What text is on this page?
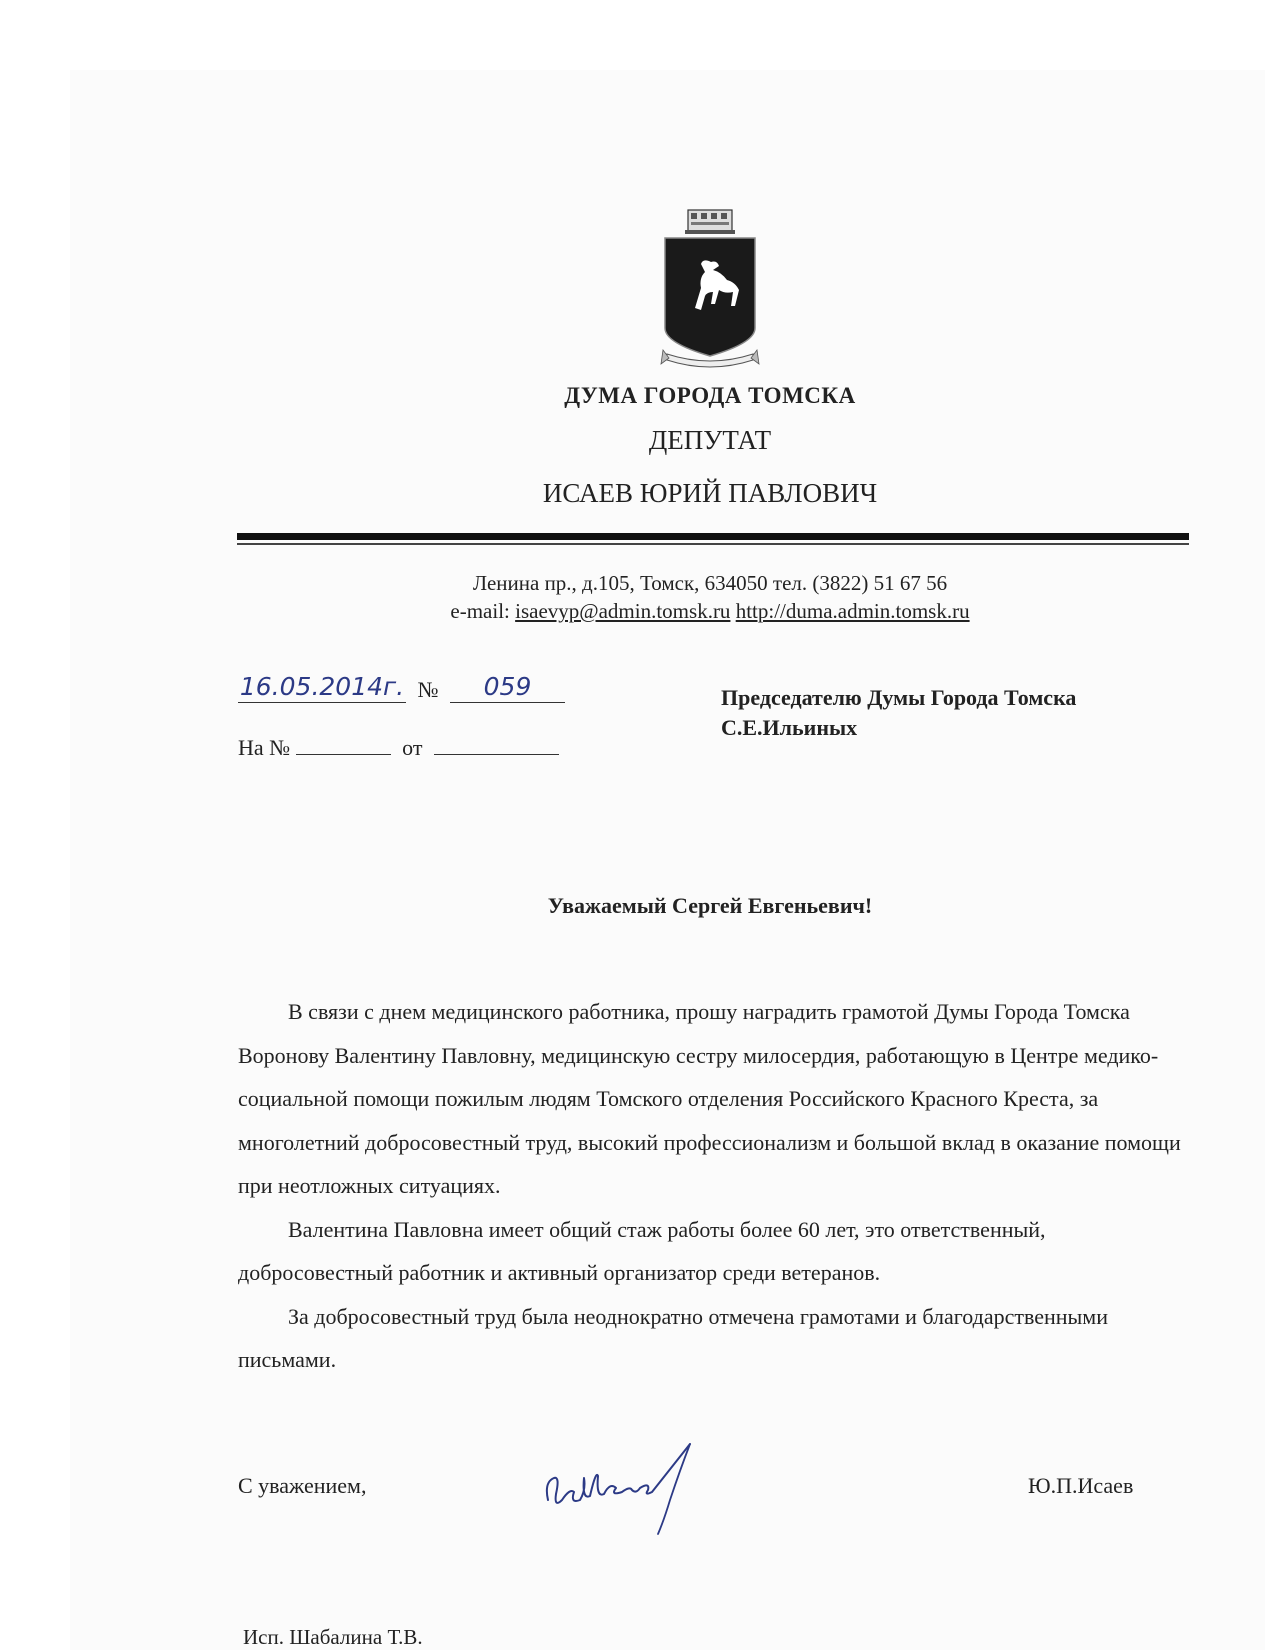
ДУМА ГОРОДА ТОМСКА
ДЕПУТАТ
ИСАЕВ ЮРИЙ ПАВЛОВИЧ
Ленина пр., д.105, Томск, 634050 тел. (3822) 51 67 56
e-mail: isaevyp@admin.tomsk.ru http://duma.admin.tomsk.ru
16.05.2014г. № 059
На №	от
Председателю Думы Города Томска
С.Е.Ильиных
Уважаемый Сергей Евгеньевич!

В связи с днем медицинского работника, прошу наградить грамотой Думы Города Томска Воронову Валентину Павловну, медицинскую сестру милосердия, работающую в Центре медико-социальной помощи пожилым людям Томского отделения Российского Красного Креста, за многолетний добросовестный труд, высокий профессионализм и большой вклад в оказание помощи при неотложных ситуациях.

Валентина Павловна имеет общий стаж работы более 60 лет, это ответственный, добросовестный работник и активный организатор среди ветеранов.

За добросовестный труд была неоднократно отмечена грамотами и благодарственными письмами.

С уважением,	Ю.П.Исаев
Исп. Шабалина Т.В.
